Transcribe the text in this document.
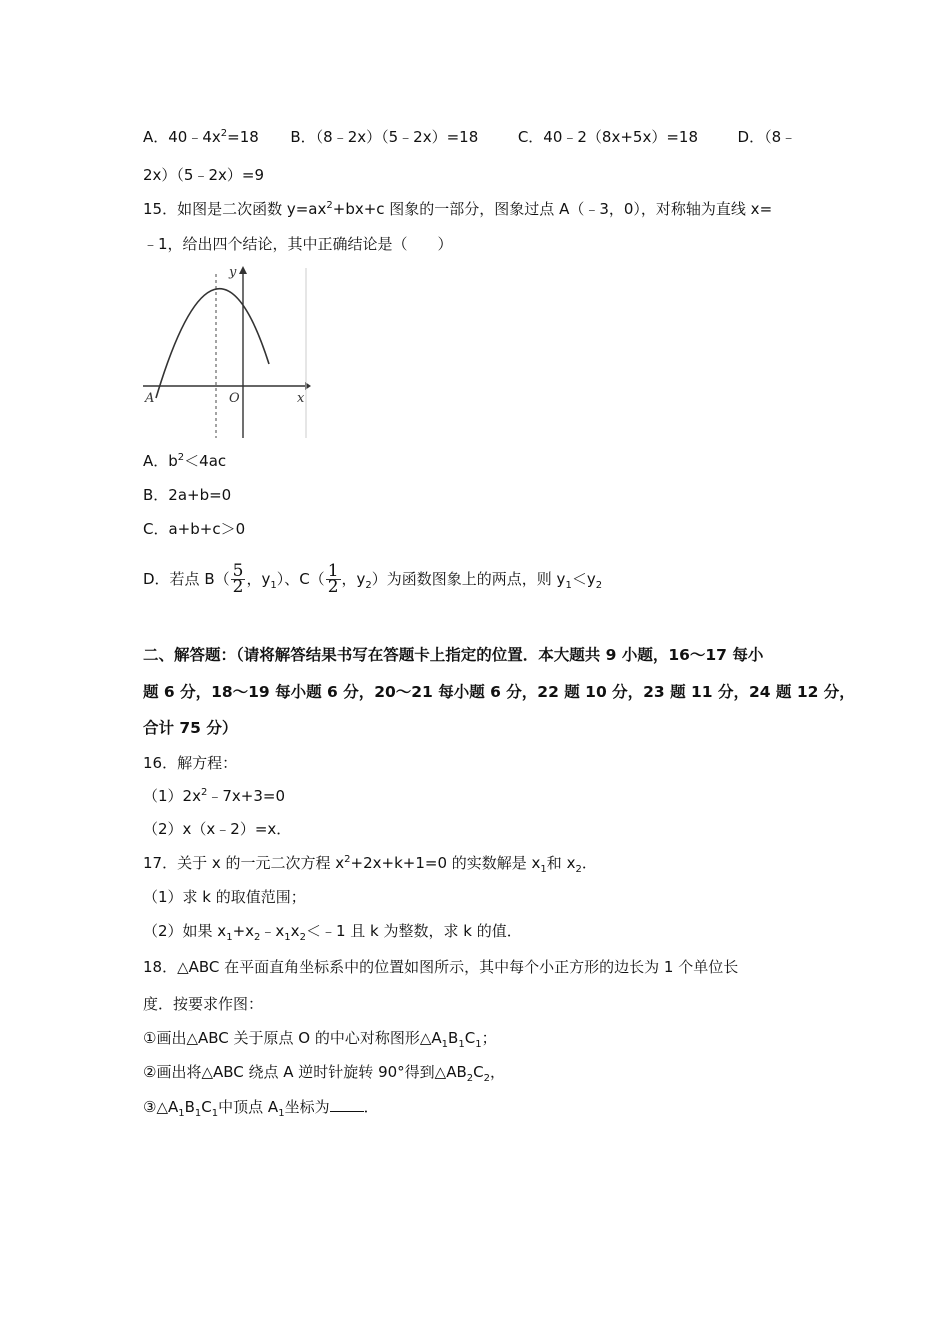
A．$40﹣4x^2=18$ B．（8﹣2x）（5﹣2x）=18	C．40﹣2（8x+5x）=18	D．（8﹣
2x）（5﹣2x）=9
15．如图是二次函数 $y=ax^2+bx+c$ 图象的一部分，图象过点 A（﹣3，0），对称轴为直线 x=
﹣1，给出四个结论，其中正确结论是（　　）
y
x
O
A
A．$b^2<4ac$
B．2a+b=0
C．a+b+c＞0
D．若点 $B( \frac{5}{2}$ ，$y_1$）、$C( \frac{1}{2}$ ，$y_2$）为函数图象上的两点，则 $y_1<y_2$
二、解答题：（请将解答结果书写在答题卡上指定的位置．本大题共 9 小题，16～17 每小
题 6 分，18～19 每小题 6 分，20～21 每小题 6 分，22 题 10 分，23 题 11 分，24 题 12 分，
合计 75 分）
16．解方程：
$(1)2x^2﹣7x+3=0$
（2）x（x﹣2）=x．
17．关于 x 的一元二次方程 $x^2+2x+k+1=0$ 的实数解是 $x_1$和 $x_2$．
（1）求 k 的取值范围；
（2）如果 $x_1+x_2﹣x_1x_2<﹣1$ 且 k 为整数，求 k 的值．
18．△ABC 在平面直角坐标系中的位置如图所示，其中每个小正方形的边长为 1 个单位长
度．按要求作图：
①画出△ABC 关于原点 O 的中心对称图形$\triangle A_1B_1C_1$；
②画出将△ABC 绕点 A 逆时针旋转 90°得到$\triangle AB_2C_2$，
$③\triangle A_1B_1C_1$中顶点 $A_1$坐标为 ．
